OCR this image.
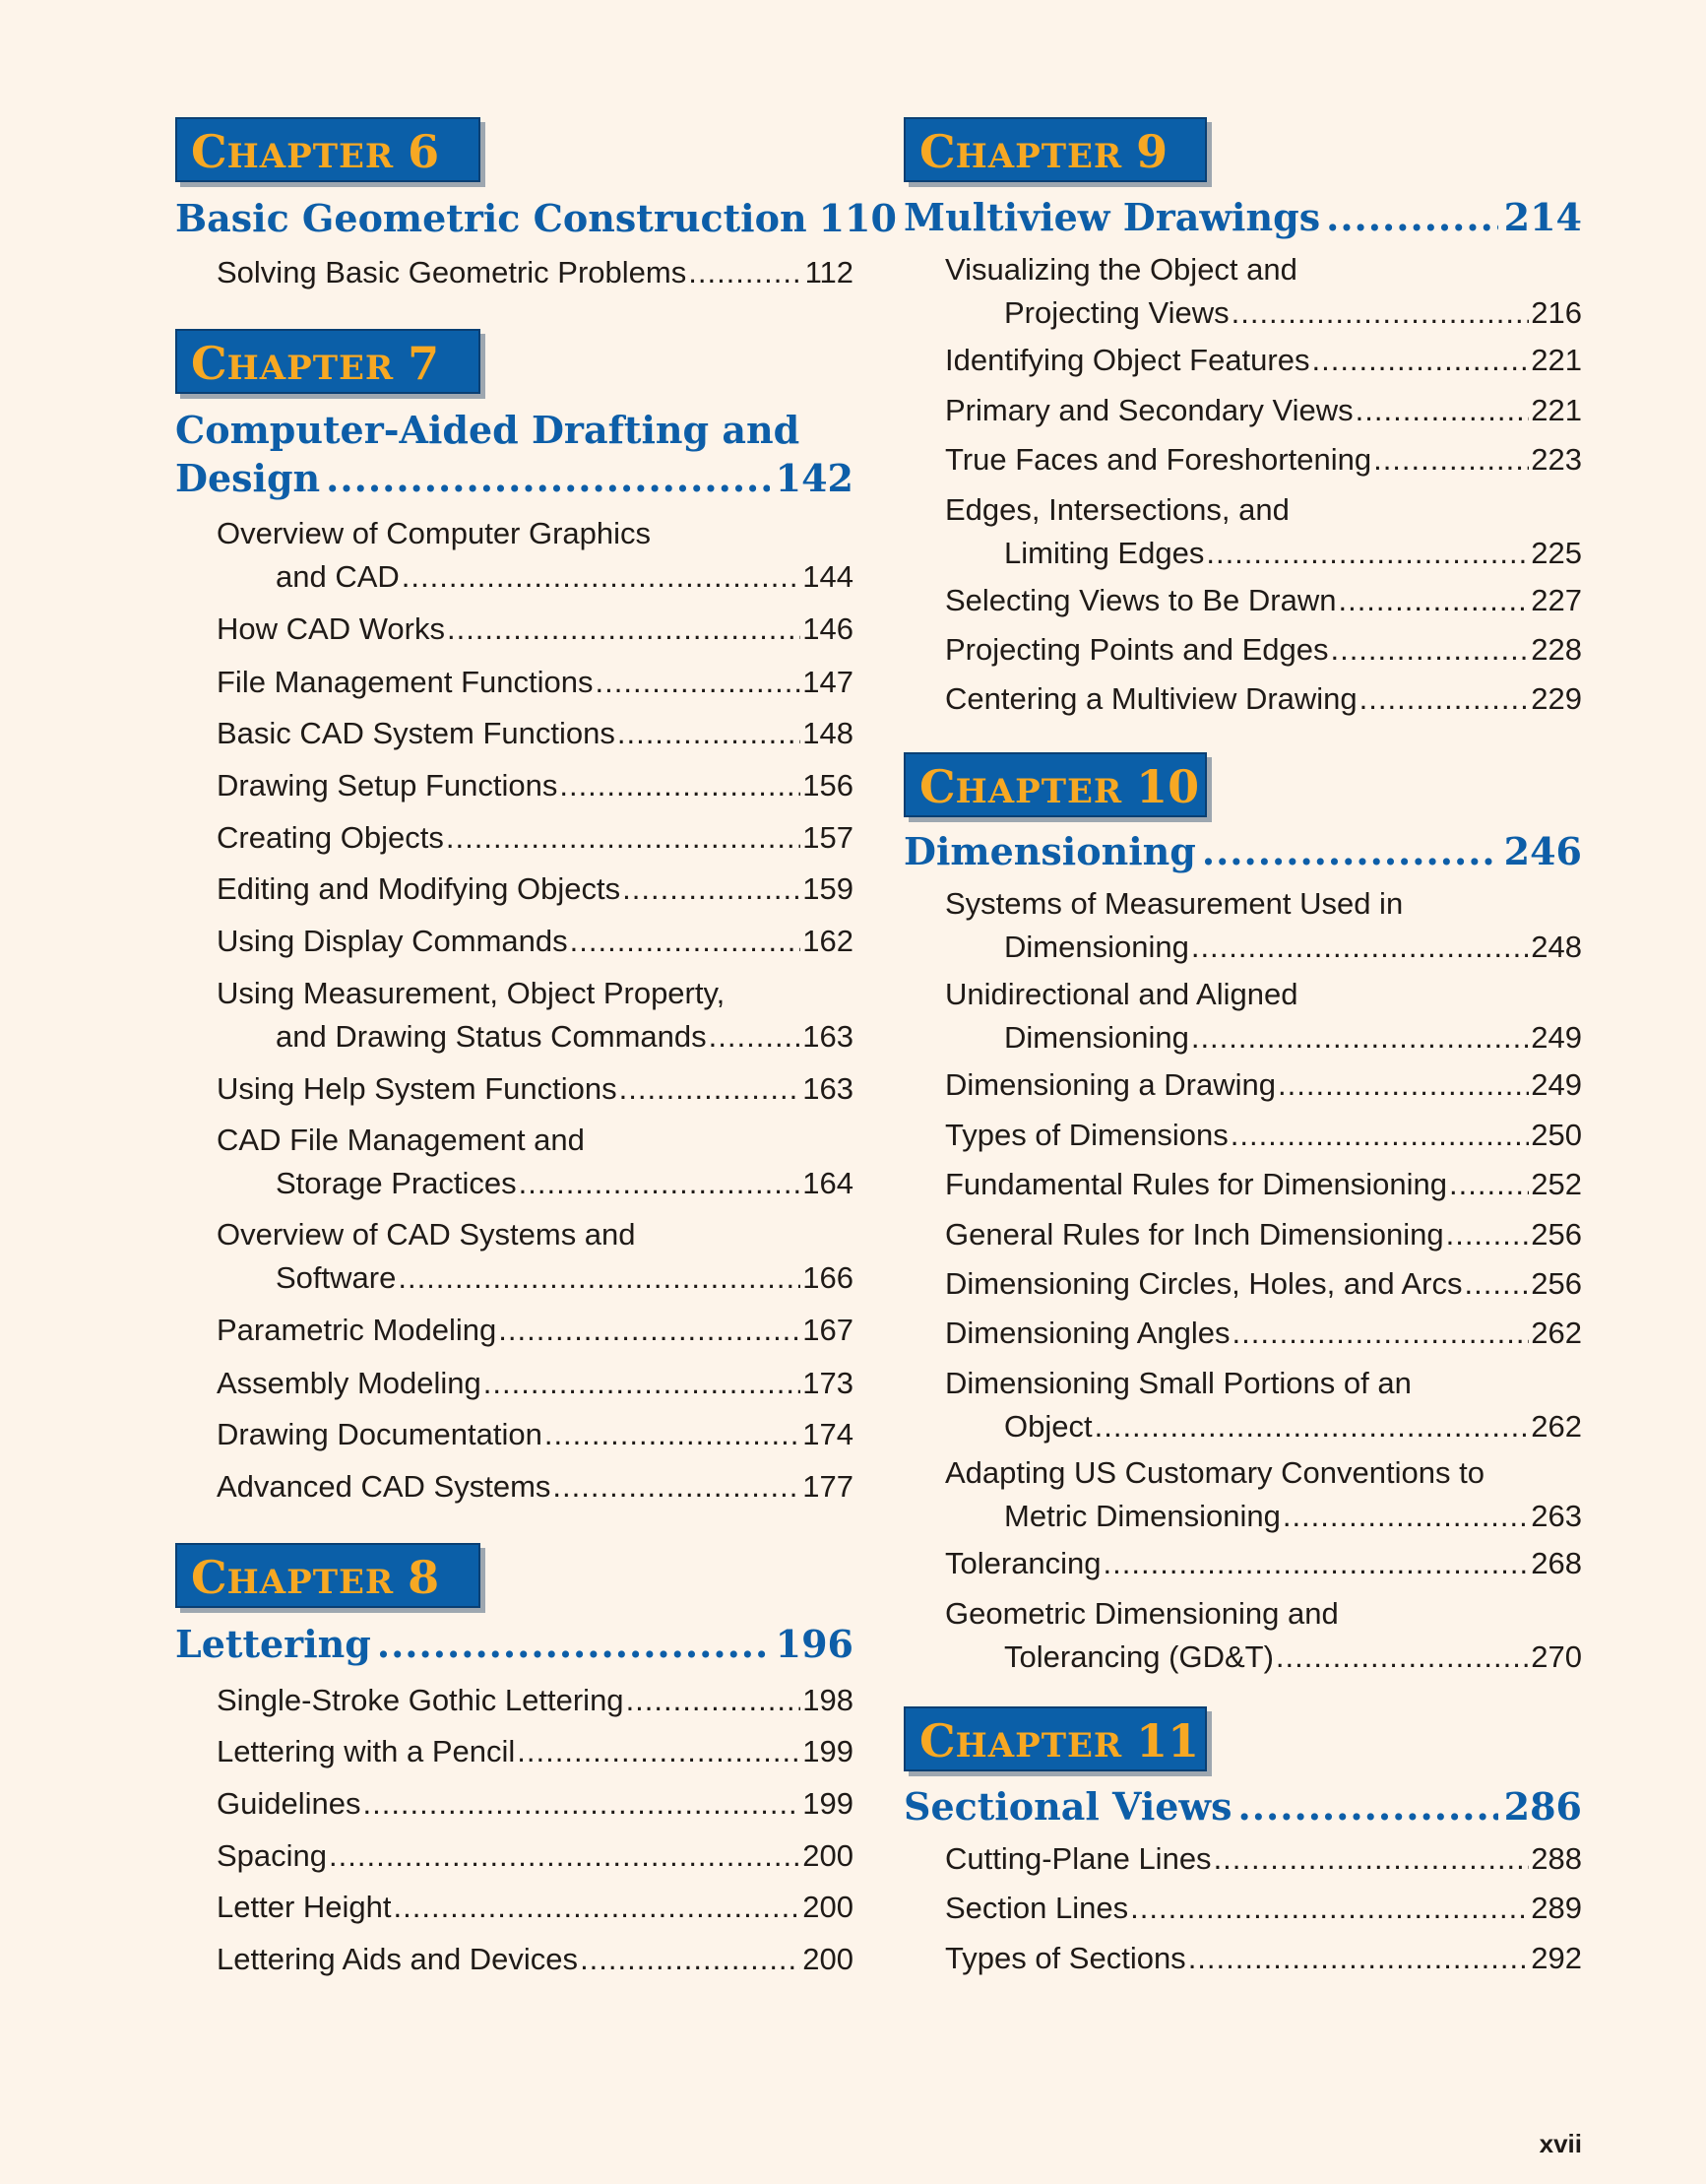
CHAPTER 6
Basic Geometric Construction 110
Solving Basic Geometric Problems .....	112
CHAPTER 7
Computer-Aided Drafting and
Design .....	142
Overview of Computer Graphics
and CAD .....	144
How CAD Works .....	146
File Management Functions .....	147
Basic CAD System Functions .....	148
Drawing Setup Functions .....	156
Creating Objects .....	157
Editing and Modifying Objects .....	159
Using Display Commands .....	162
Using Measurement, Object Property,
and Drawing Status Commands .....	163
Using Help System Functions .....	163
CAD File Management and
Storage Practices .....	164
Overview of CAD Systems and
Software .....	166
Parametric Modeling .....	167
Assembly Modeling .....	173
Drawing Documentation .....	174
Advanced CAD Systems .....	177
CHAPTER 8
Lettering .....	196
Single-Stroke Gothic Lettering .....	198
Lettering with a Pencil .....	199
Guidelines .....	199
Spacing .....	200
Letter Height .....	200
Lettering Aids and Devices .....	200
CHAPTER 9
Multiview Drawings .....	214
Visualizing the Object and
Projecting Views .....	216
Identifying Object Features .....	221
Primary and Secondary Views .....	221
True Faces and Foreshortening .....	223
Edges, Intersections, and
Limiting Edges .....	225
Selecting Views to Be Drawn .....	227
Projecting Points and Edges .....	228
Centering a Multiview Drawing .....	229
CHAPTER 10
Dimensioning .....	246
Systems of Measurement Used in
Dimensioning .....	248
Unidirectional and Aligned
Dimensioning .....	249
Dimensioning a Drawing .....	249
Types of Dimensions .....	250
Fundamental Rules for Dimensioning .....	252
General Rules for Inch Dimensioning .....	256
Dimensioning Circles, Holes, and Arcs ..... 256
Dimensioning Angles .....	262
Dimensioning Small Portions of an
Object .....	262
Adapting US Customary Conventions to
Metric Dimensioning .....	263
Tolerancing .....	268
Geometric Dimensioning and
Tolerancing (GD&T) .....	270
CHAPTER 11
Sectional Views .....	286
Cutting-Plane Lines .....	288
Section Lines .....	289
Types of Sections .....	292
xvii
